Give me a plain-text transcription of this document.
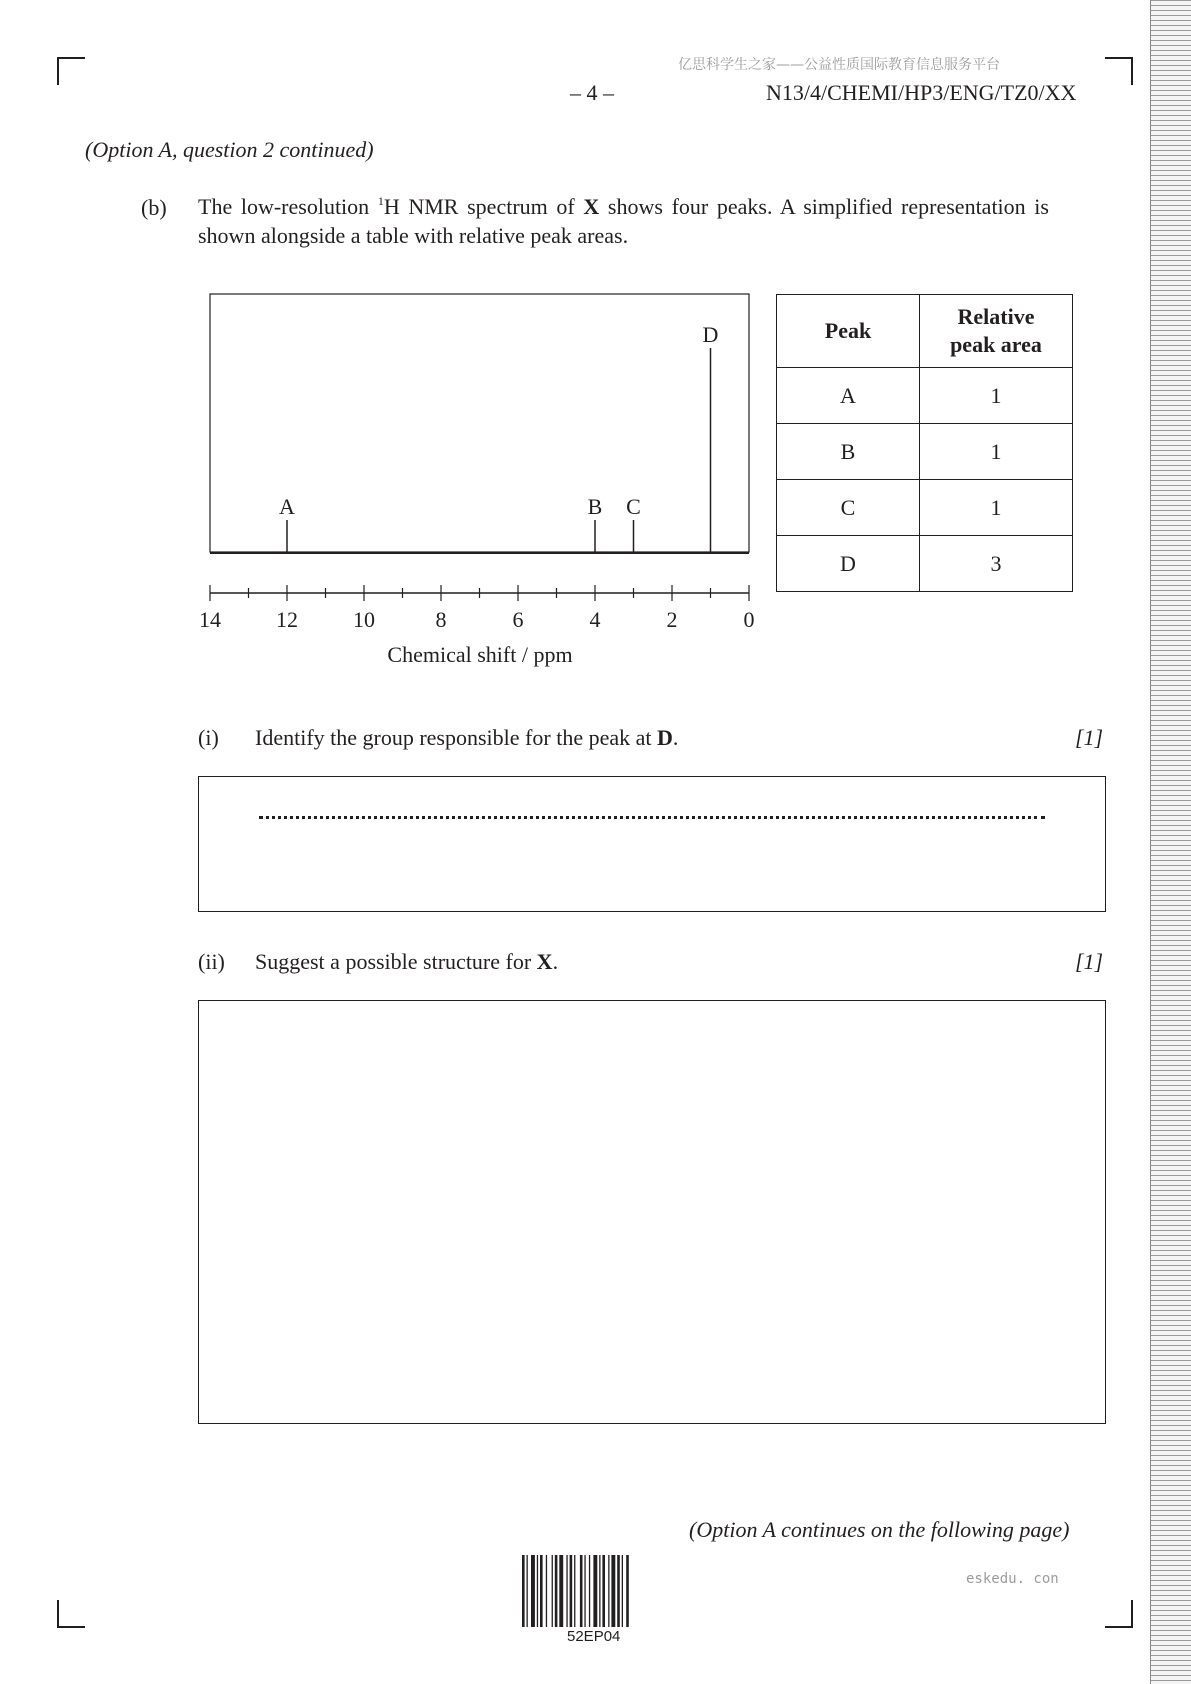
亿思科学生之家——公益性质国际教育信息服务平台
– 4 –	N13/4/CHEMI/HP3/ENG/TZ0/XX
(Option A, question 2 continued)
(b) The low-resolution $^1$H NMR spectrum of X shows four peaks. A simplified representation is shown alongside a table with relative peak areas.
14	12	10	8	6	4	2	0
A	B C
D
Chemical shift / ppm
Peak	Relative
peak area
A	1
B	1
C	1
D	3
(i) Identify the group responsible for the peak at D.	[1]
(ii) Suggest a possible structure for X.	[1]
(Option A continues on the following page)
eskedu. con
52EP04
